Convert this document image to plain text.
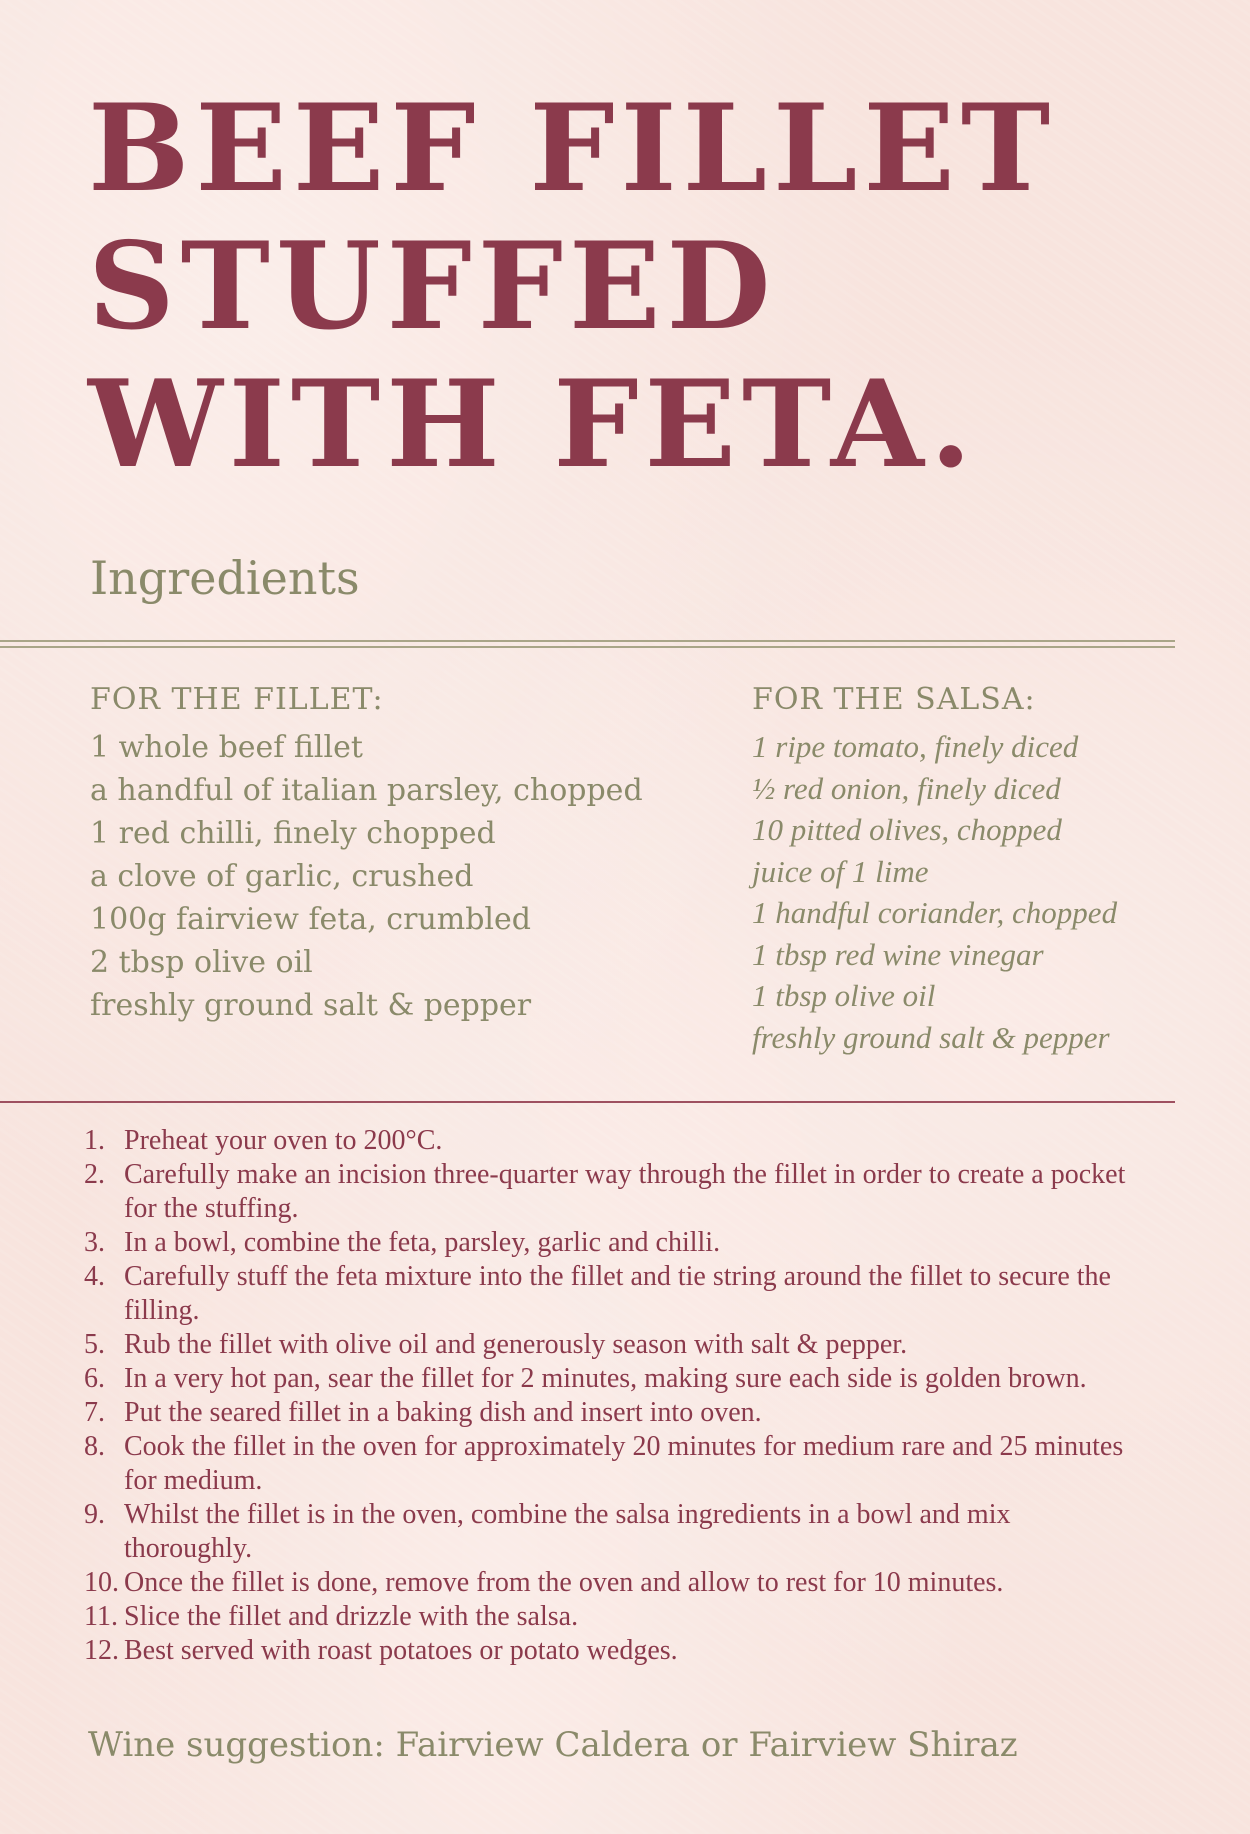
BEEF FILLET
STUFFED
WITH FETA.
Ingredients
FOR THE FILLET:
1 whole beef fillet
a handful of italian parsley, chopped
1 red chilli, finely chopped
a clove of garlic, crushed
100g fairview feta, crumbled
2 tbsp olive oil
freshly ground salt & pepper
FOR THE SALSA:
1 ripe tomato, finely diced
½ red onion, finely diced
10 pitted olives, chopped
juice of 1 lime
1 handful coriander, chopped
1 tbsp red wine vinegar
1 tbsp olive oil
freshly ground salt & pepper
1. Preheat your oven to 200°C.
2. Carefully make an incision three-quarter way through the fillet in order to create a pocket for the stuffing.
3. In a bowl, combine the feta, parsley, garlic and chilli.
4. Carefully stuff the feta mixture into the fillet and tie string around the fillet to secure the filling.
5. Rub the fillet with olive oil and generously season with salt & pepper.
6. In a very hot pan, sear the fillet for 2 minutes, making sure each side is golden brown.
7. Put the seared fillet in a baking dish and insert into oven.
8. Cook the fillet in the oven for approximately 20 minutes for medium rare and 25 minutes for medium.
9. Whilst the fillet is in the oven, combine the salsa ingredients in a bowl and mix thoroughly.
10. Once the fillet is done, remove from the oven and allow to rest for 10 minutes.
11. Slice the fillet and drizzle with the salsa.
12. Best served with roast potatoes or potato wedges.

Wine suggestion: Fairview Caldera or Fairview Shiraz
